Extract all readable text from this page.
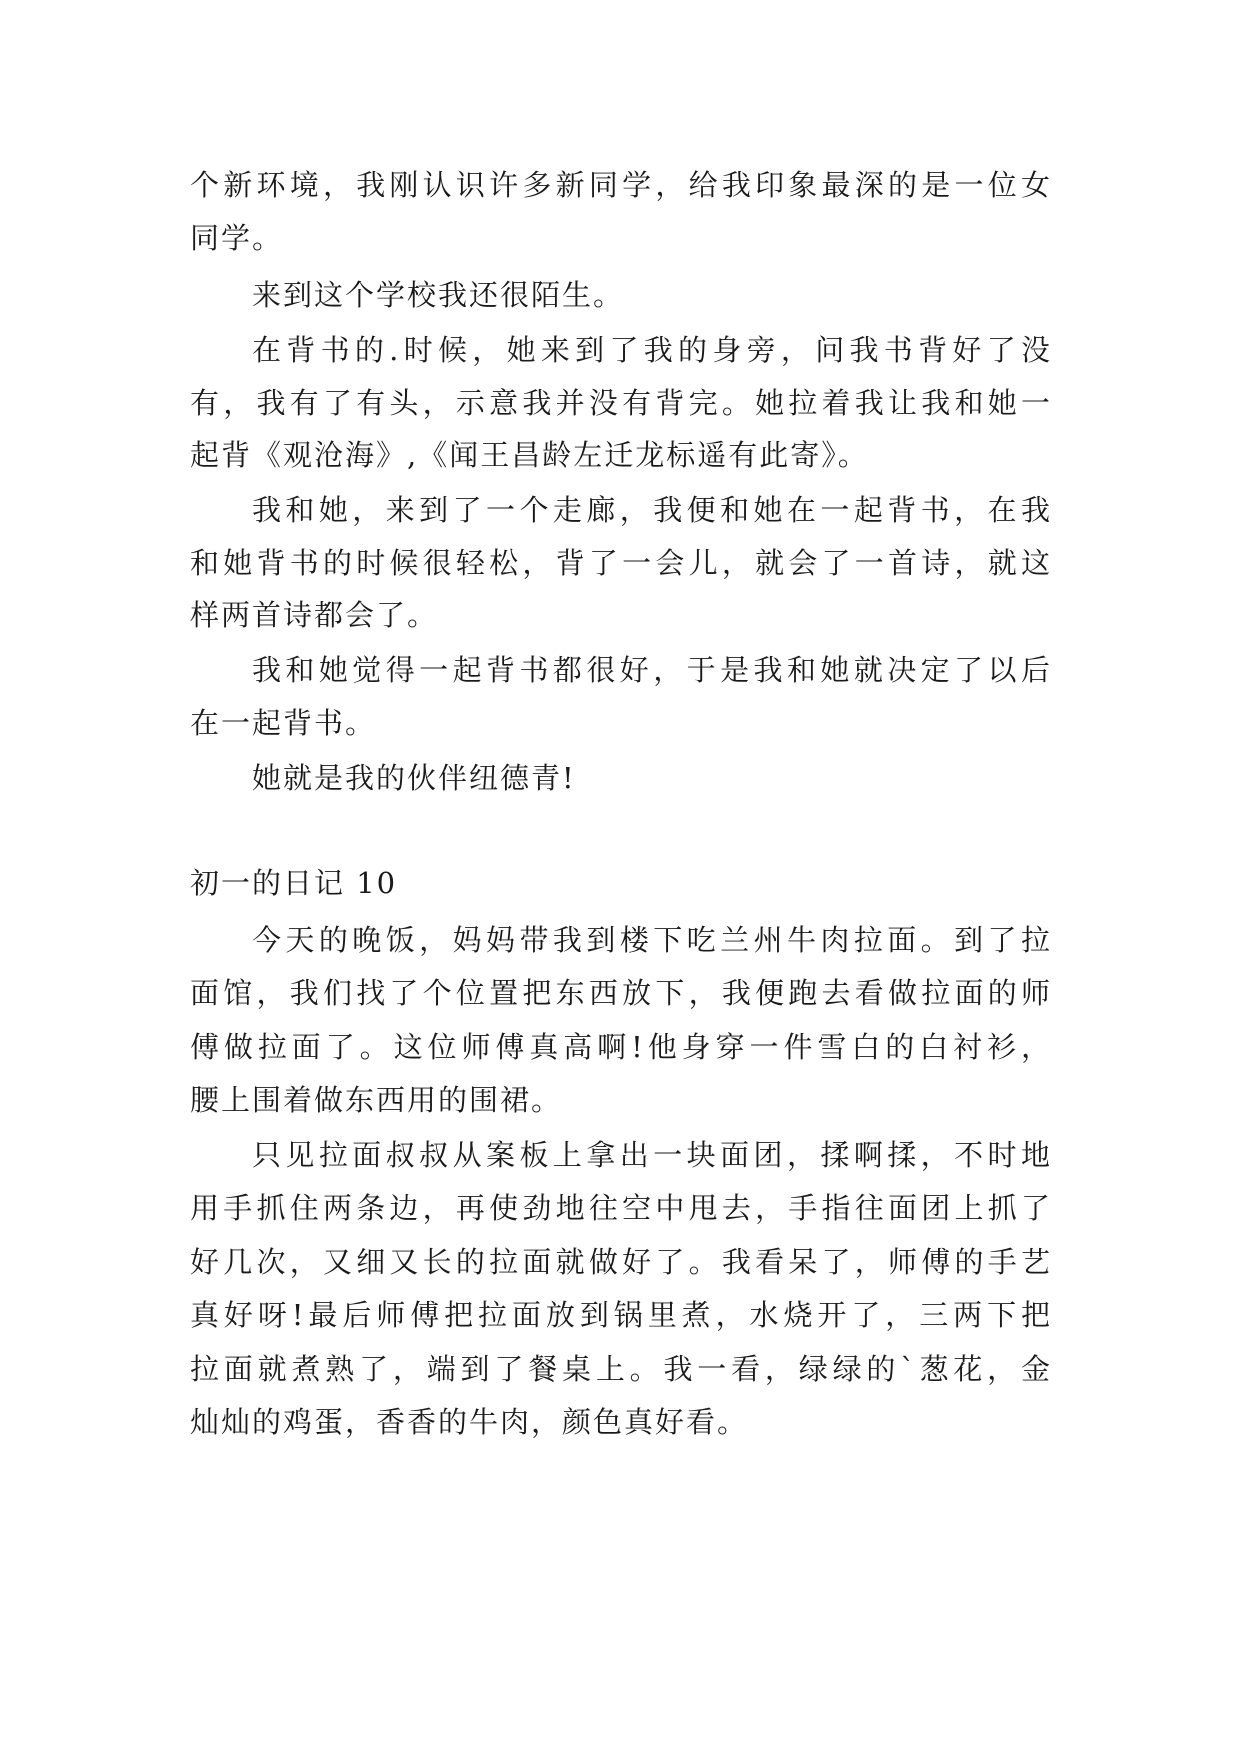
个新环境，我刚认识许多新同学，给我印象最深的是一位女
同学。
来到这个学校我还很陌生。
在背书的.时候，她来到了我的身旁，问我书背好了没
有，我有了有头，示意我并没有背完。她拉着我让我和她一
起背《观沧海》,《闻王昌龄左迁龙标遥有此寄》。
我和她，来到了一个走廊，我便和她在一起背书，在我
和她背书的时候很轻松，背了一会儿，就会了一首诗，就这
样两首诗都会了。
我和她觉得一起背书都很好，于是我和她就决定了以后
在一起背书。
她就是我的伙伴纽德青!
初一的日记 10
今天的晚饭，妈妈带我到楼下吃兰州牛肉拉面。到了拉
面馆，我们找了个位置把东西放下，我便跑去看做拉面的师
傅做拉面了。这位师傅真高啊!他身穿一件雪白的白衬衫，
腰上围着做东西用的围裙。
只见拉面叔叔从案板上拿出一块面团，揉啊揉，不时地
用手抓住两条边，再使劲地往空中甩去，手指往面团上抓了
好几次，又细又长的拉面就做好了。我看呆了，师傅的手艺
真好呀!最后师傅把拉面放到锅里煮，水烧开了，三两下把
拉面就煮熟了，端到了餐桌上。我一看，绿绿的`葱花，金
灿灿的鸡蛋，香香的牛肉，颜色真好看。
